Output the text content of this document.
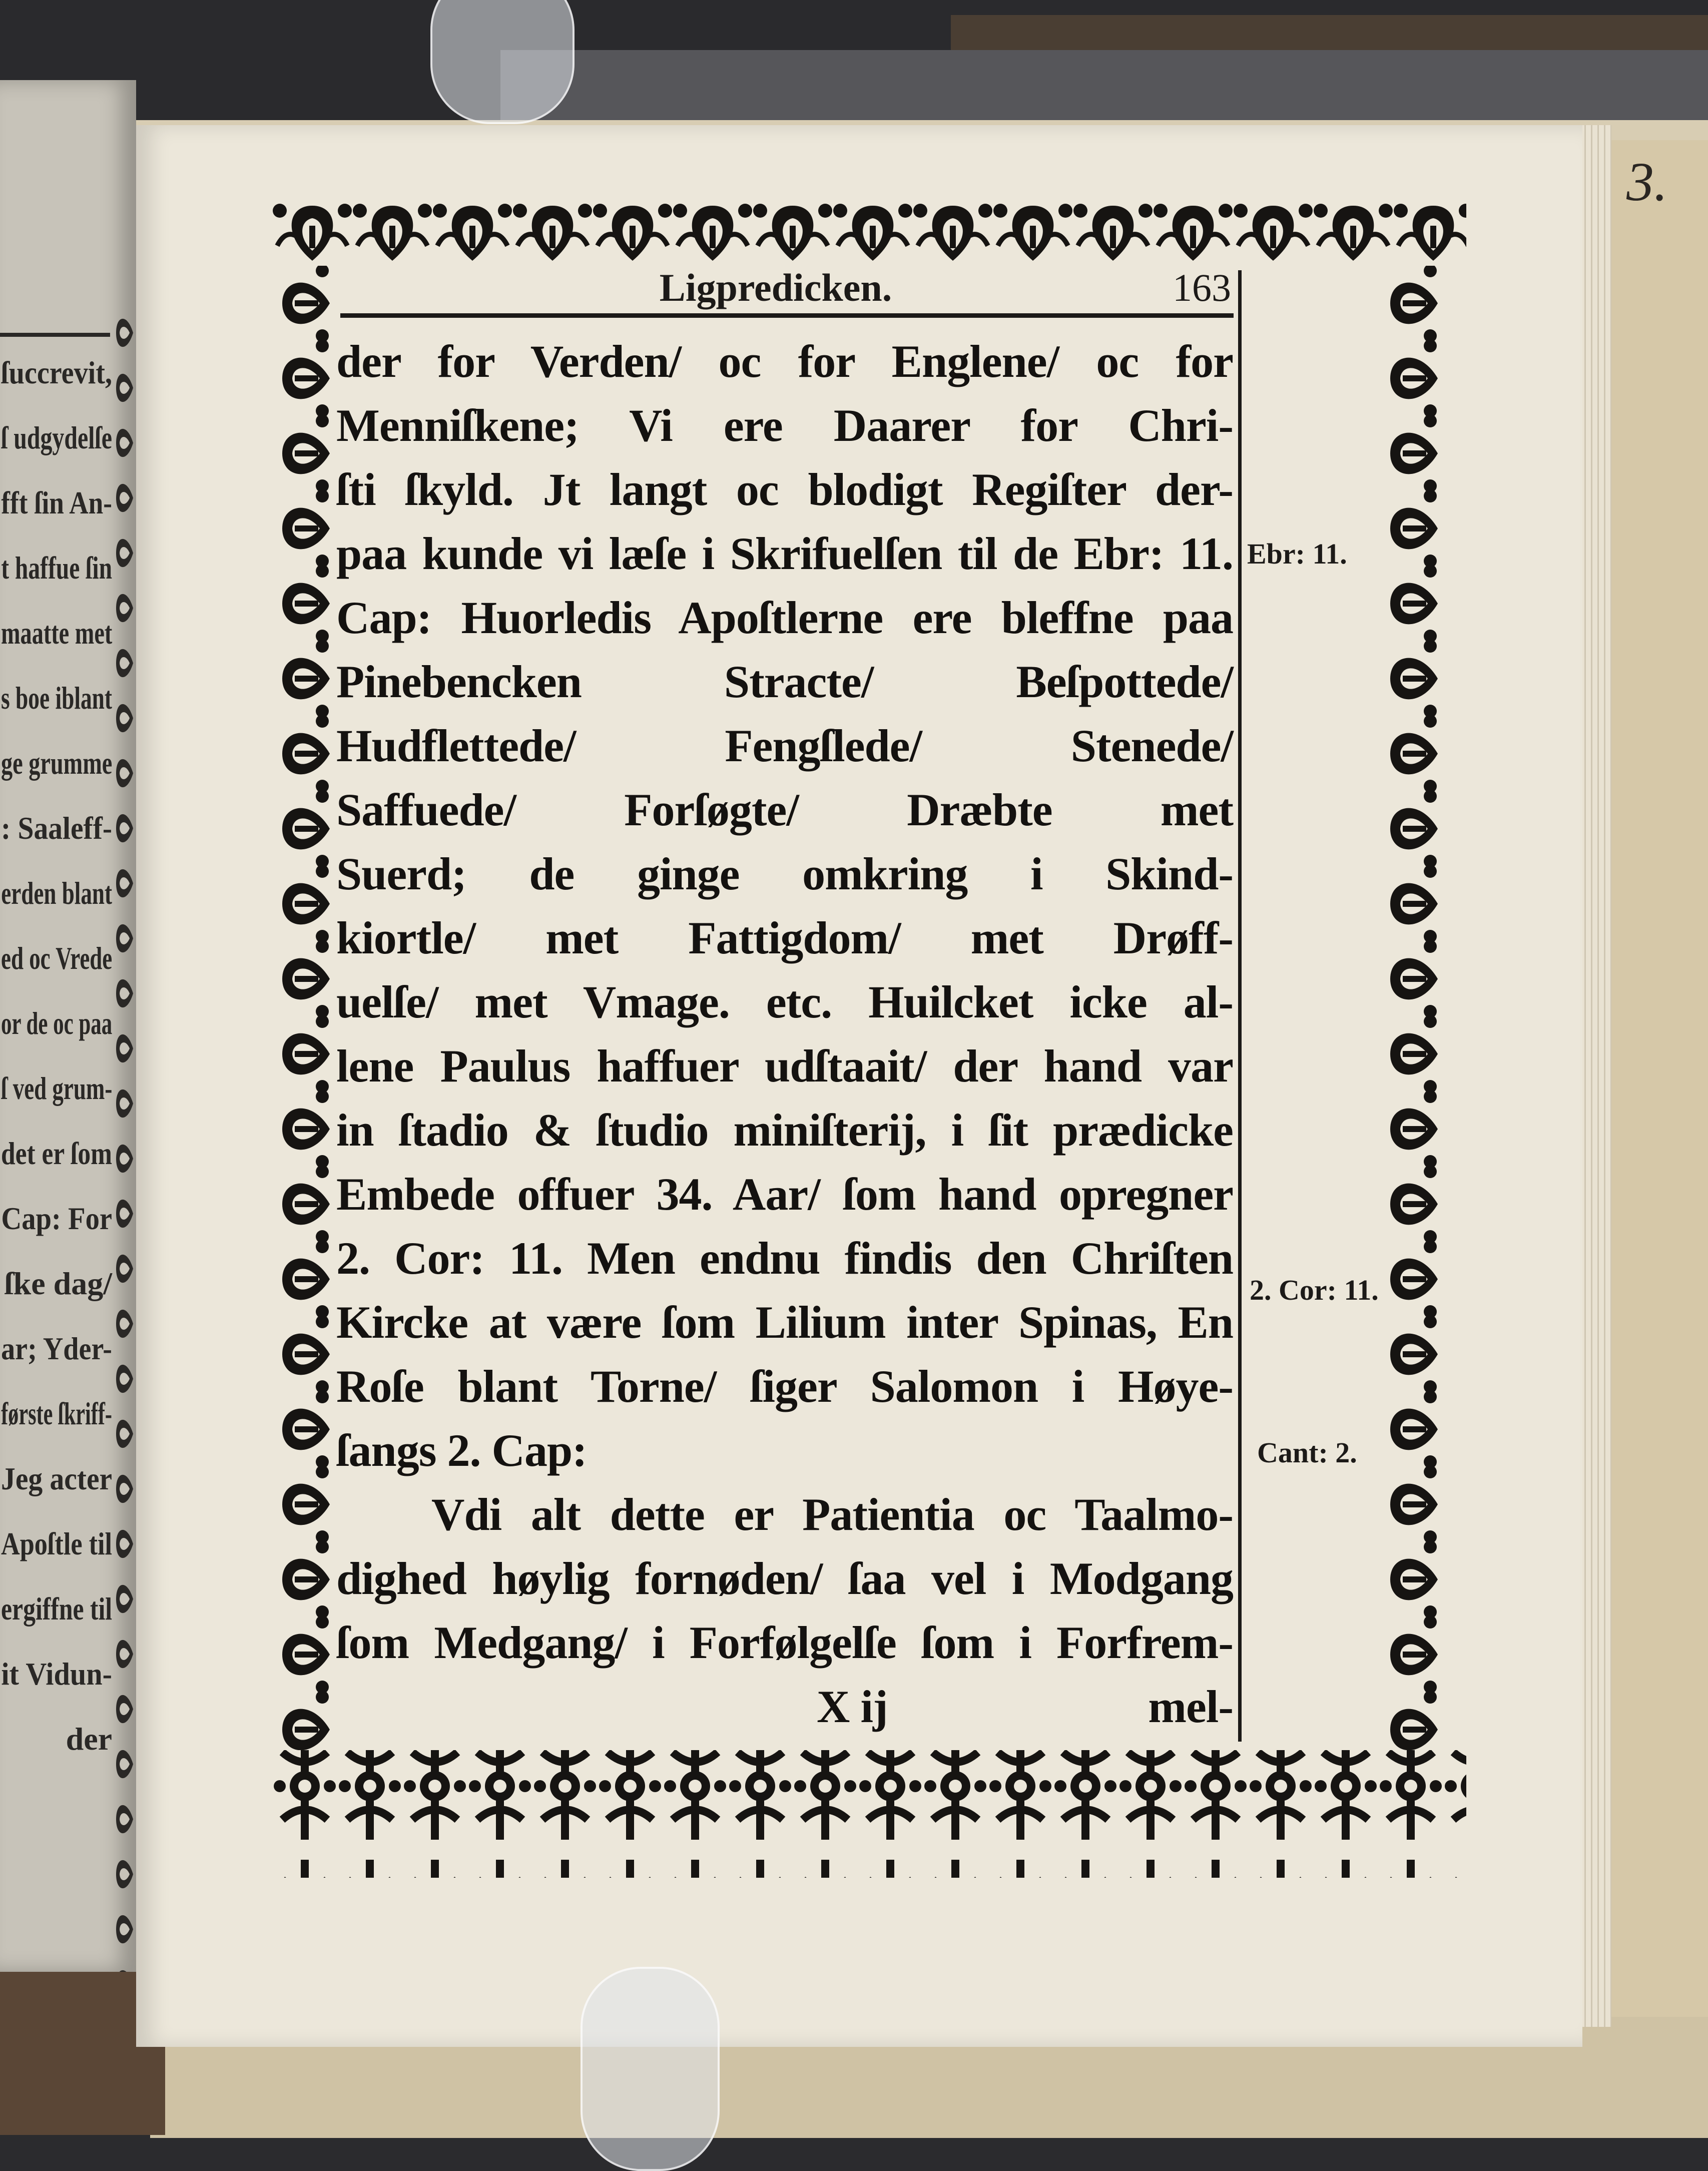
ſuccrevit,
ſ udgydelſe
fft ſin An-
t haffue ſin
maatte met
s boe iblant
ge grumme
: Saaleff-
erden blant
ed oc Vrede
or de oc paa
ſ ved grum-
det er ſom
Cap: For
ſke dag/
ar; Yder-
første ſkriff-
Jeg acter
Apoſtle til
ergiffne til
it Vidun-
der
Ligpredicken.	163
der for Verden/ oc for Englene/ oc for
Menniſkene; Vi ere Daarer for Chri-
ſti ſkyld. Jt langt oc blodigt Regiſter der-
paa kunde vi læſe i Skrifuelſen til de Ebr: 11.
Cap: Huorledis Apoſtlerne ere bleffne paa
Pinebencken Stracte/ Beſpottede/
Hudflettede/ Fengſlede/ Stenede/
Saffuede/ Forſøgte/ Dræbte met
Suerd; de ginge omkring i Skind-
kiortle/ met Fattigdom/ met Drøff-
uelſe/ met Vmage. etc. Huilcket icke al-
lene Paulus haffuer udſtaait/ der hand var
in ſtadio & ſtudio miniſterij, i ſit prædicke
Embede offuer 34. Aar/ ſom hand opregner
2. Cor: 11. Men endnu findis den Chriſten
Kircke at være ſom Lilium inter Spinas, En
Roſe blant Torne/ ſiger Salomon i Høye-
ſangs 2. Cap:
Vdi alt dette er Patientia oc Taalmo-
dighed høylig fornøden/ ſaa vel i Modgang
ſom Medgang/ i Forfølgelſe ſom i Forfrem-
X ij	mel-
Ebr: 11.
2. Cor: 11.
Cant: 2.
3.
